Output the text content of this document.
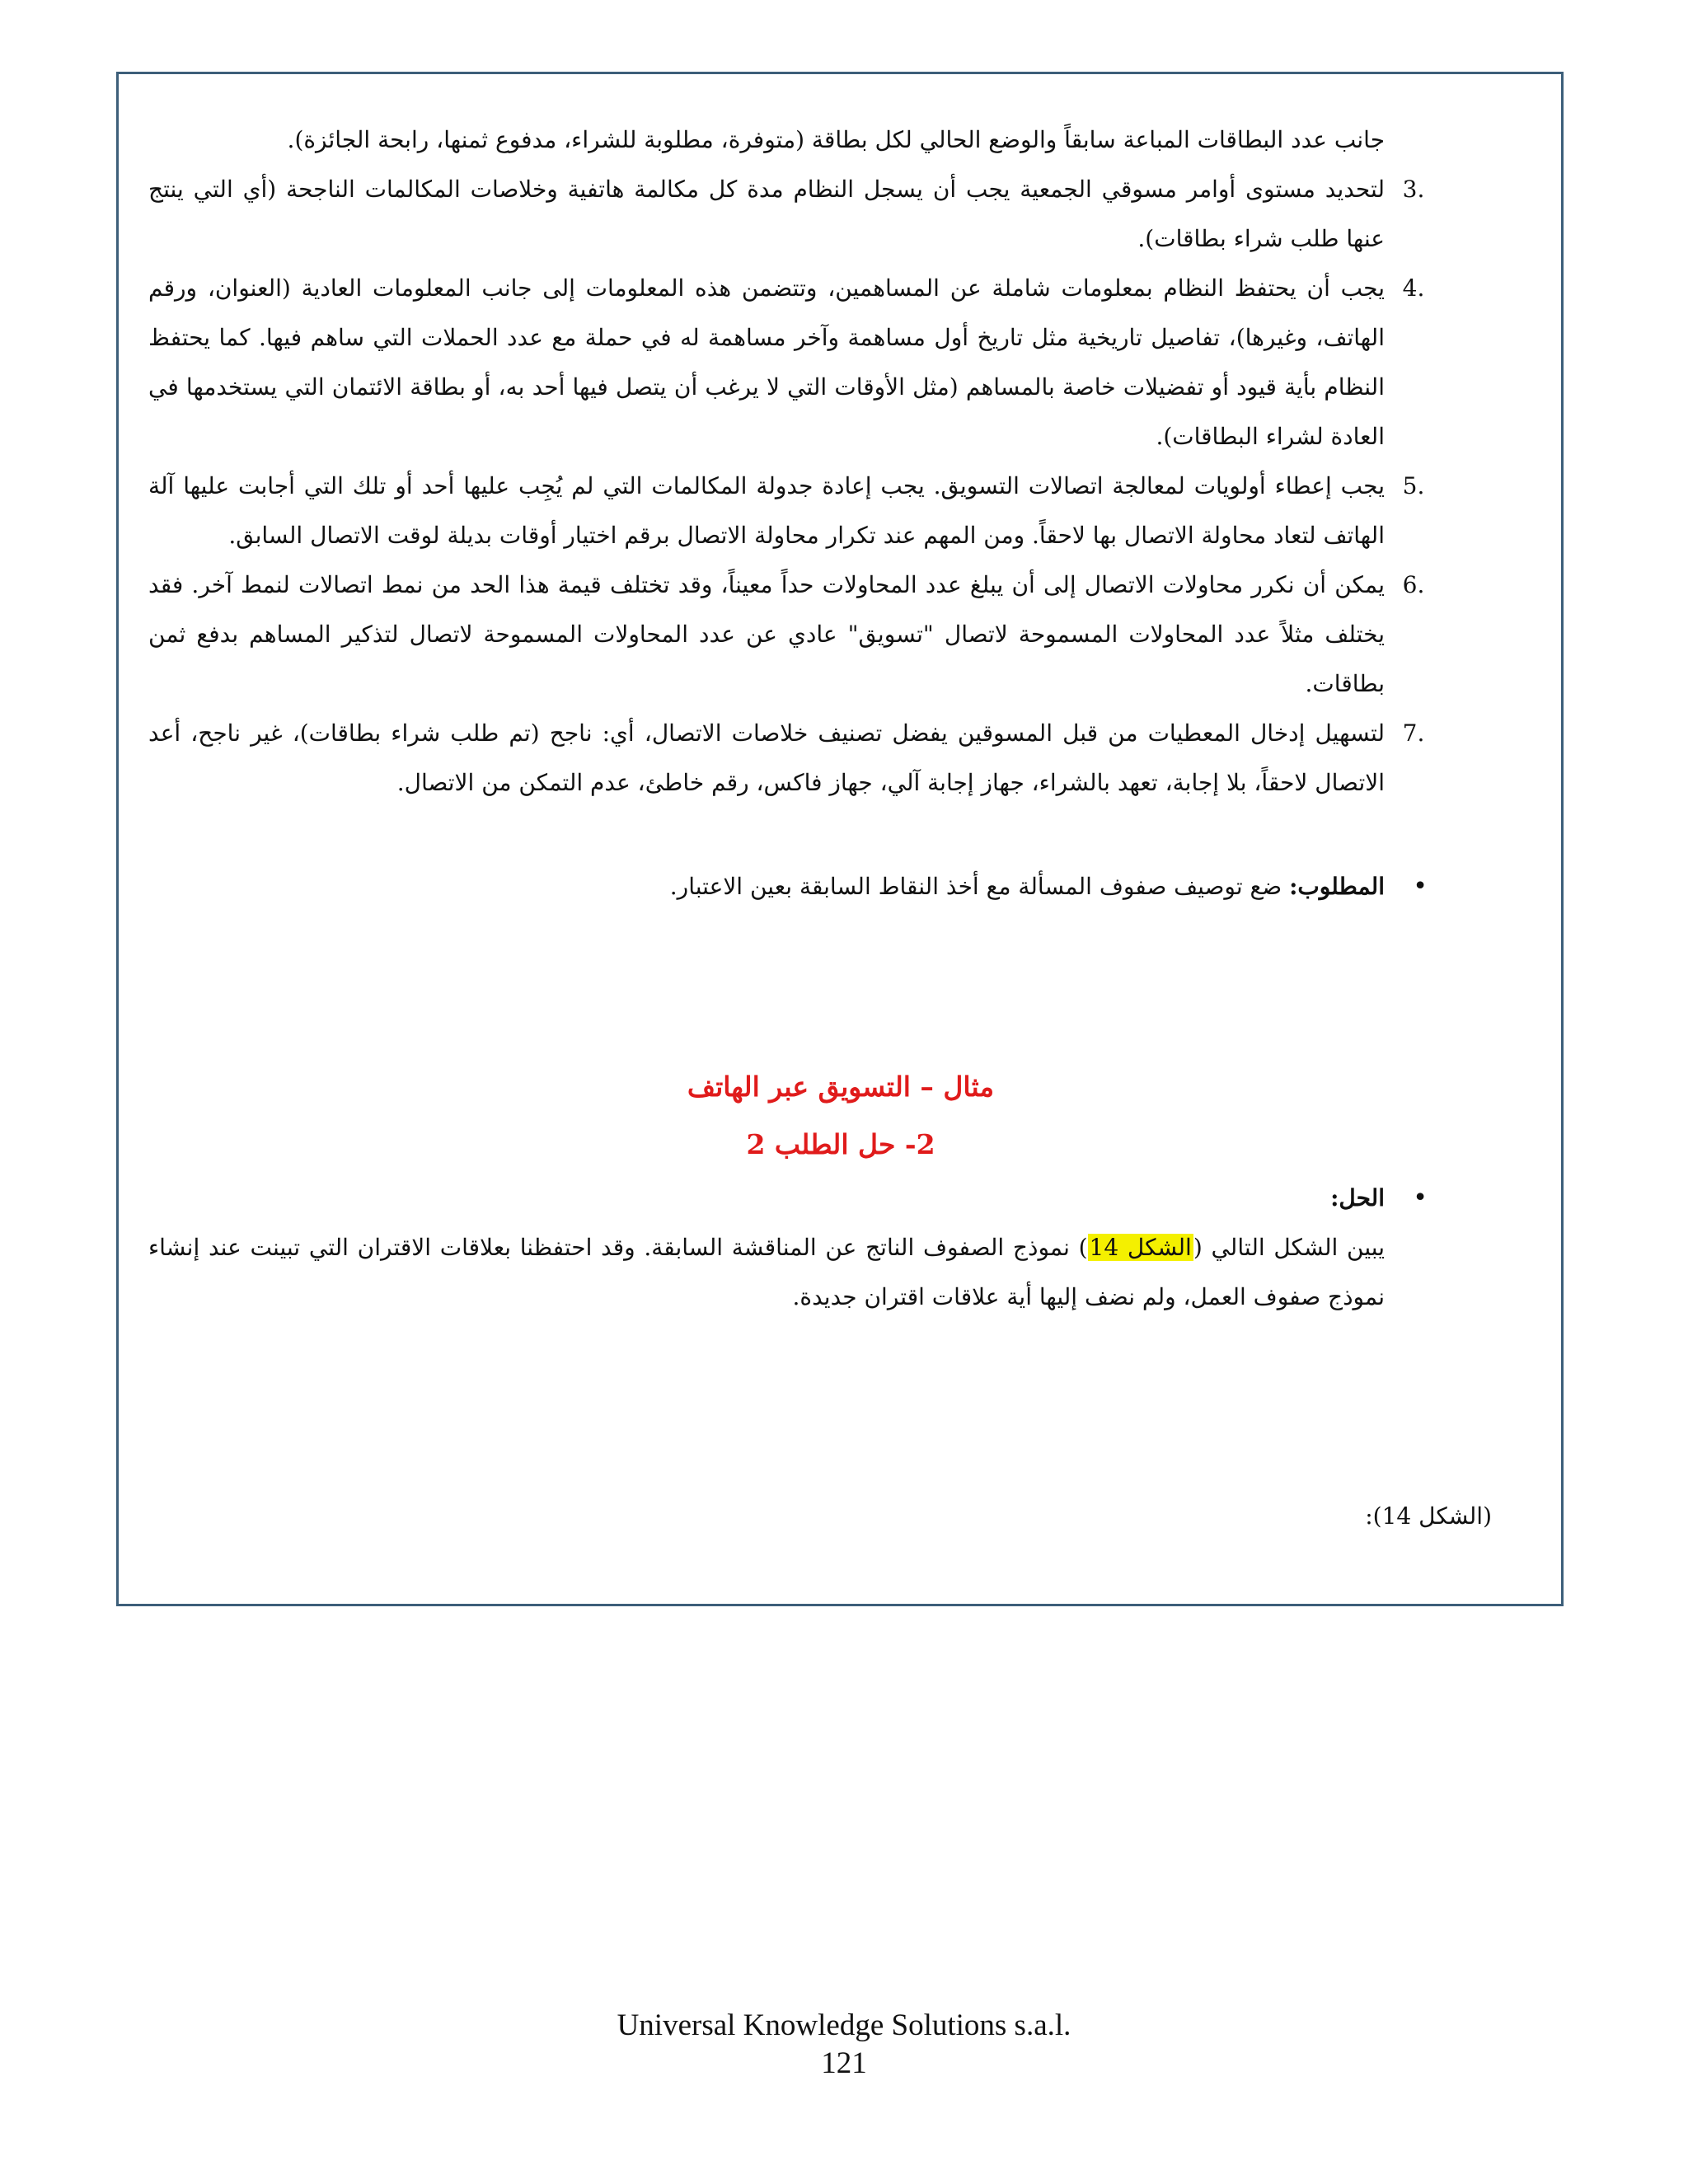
جانب عدد البطاقات المباعة سابقاً والوضع الحالي لكل بطاقة (متوفرة، مطلوبة للشراء، مدفوع ثمنها، رابحة الجائزة).

3.
لتحديد مستوى أوامر مسوقي الجمعية يجب أن يسجل النظام مدة كل مكالمة هاتفية وخلاصات المكالمات الناجحة (أي التي ينتج عنها طلب شراء بطاقات).
4.
يجب أن يحتفظ النظام بمعلومات شاملة عن المساهمين، وتتضمن هذه المعلومات إلى جانب المعلومات العادية (العنوان، ورقم الهاتف، وغيرها)، تفاصيل تاريخية مثل تاريخ أول مساهمة وآخر مساهمة له في حملة مع عدد الحملات التي ساهم فيها. كما يحتفظ النظام بأية قيود أو تفضيلات خاصة بالمساهم (مثل الأوقات التي لا يرغب أن يتصل فيها أحد به، أو بطاقة الائتمان التي يستخدمها في العادة لشراء البطاقات).
5.
يجب إعطاء أولويات لمعالجة اتصالات التسويق. يجب إعادة جدولة المكالمات التي لم يُجِب عليها أحد أو تلك التي أجابت عليها آلة الهاتف لتعاد محاولة الاتصال بها لاحقاً. ومن المهم عند تكرار محاولة الاتصال برقم اختيار أوقات بديلة لوقت الاتصال السابق.
6.
يمكن أن نكرر محاولات الاتصال إلى أن يبلغ عدد المحاولات حداً معيناً، وقد تختلف قيمة هذا الحد من نمط اتصالات لنمط آخر. فقد يختلف مثلاً عدد المحاولات المسموحة لاتصال "تسويق" عادي عن عدد المحاولات المسموحة لاتصال لتذكير المساهم بدفع ثمن بطاقات.
7.
لتسهيل إدخال المعطيات من قبل المسوقين يفضل تصنيف خلاصات الاتصال، أي: ناجح (تم طلب شراء بطاقات)، غير ناجح، أعد الاتصال لاحقاً، بلا إجابة، تعهد بالشراء، جهاز إجابة آلي، جهاز فاكس، رقم خاطئ، عدم التمكن من الاتصال.
•
المطلوب: ضع توصيف صفوف المسألة مع أخذ النقاط السابقة بعين الاعتبار.

مثال – التسويق عبر الهاتف

2- حل الطلب 2

•
الحل:

يبين الشكل التالي (الشكل 14) نموذج الصفوف الناتج عن المناقشة السابقة. وقد احتفظنا بعلاقات الاقتران التي تبينت عند إنشاء نموذج صفوف العمل، ولم نضف إليها أية علاقات اقتران جديدة.

(الشكل 14):
Universal Knowledge Solutions s.a.l.
121
